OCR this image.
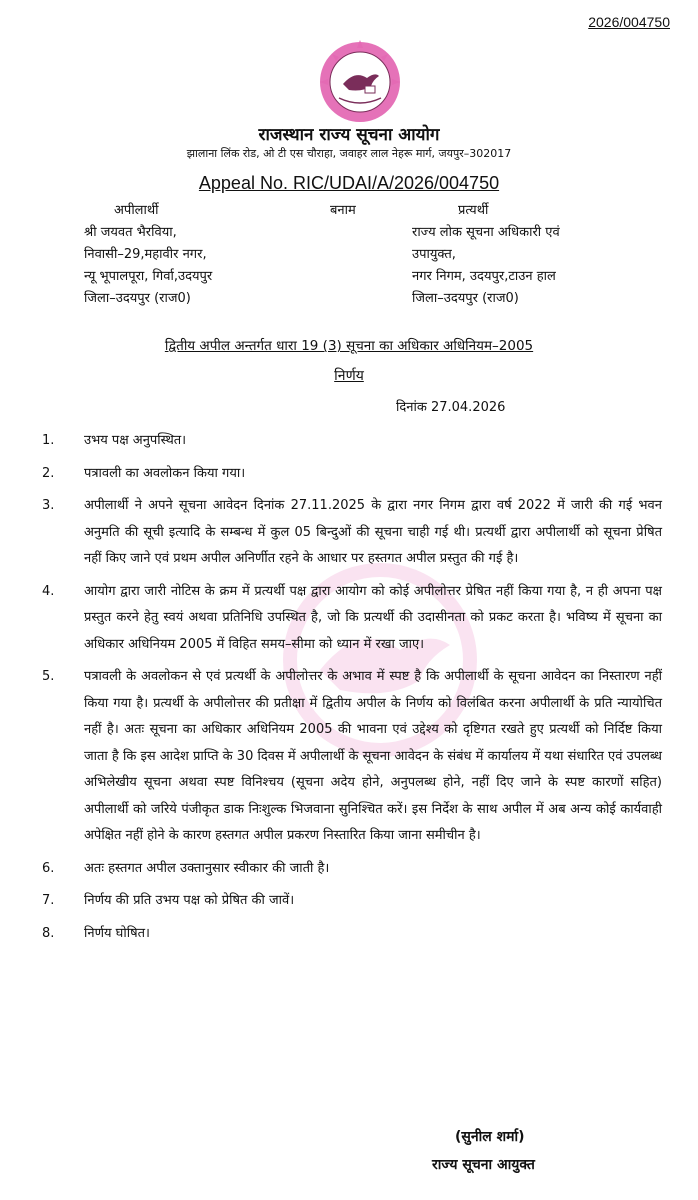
2026/004750
राजस्थान राज्य सूचना आयोग
झालाना लिंक रोड, ओ टी एस चौराहा, जवाहर लाल नेहरू मार्ग, जयपुर–302017
Appeal No. RIC/UDAI/A/2026/004750
अपीलार्थी
श्री जयवत भैरविया,
निवासी–29,महावीर नगर,
न्यू भूपालपूरा, गिर्वा,उदयपुर
जिला–उदयपुर (राज0)
बनाम	प्रत्यर्थी
राज्य लोक सूचना अधिकारी एवं
उपायुक्त,
नगर निगम, उदयपुर,टाउन हाल
जिला–उदयपुर (राज0)
द्वितीय अपील अन्तर्गत धारा 19 (3) सूचना का अधिकार अधिनियम–2005
निर्णय
दिनांक 27.04.2026
1. उभय पक्ष अनुपस्थित।
2. पत्रावली का अवलोकन किया गया।
3. अपीलार्थी ने अपने सूचना आवेदन दिनांक 27.11.2025 के द्वारा नगर निगम द्वारा वर्ष 2022 में जारी की गई भवन अनुमति की सूची इत्यादि के सम्बन्ध में कुल 05 बिन्दुओं की सूचना चाही गई थी। प्रत्यर्थी द्वारा अपीलार्थी को सूचना प्रेषित नहीं किए जाने एवं प्रथम अपील अनिर्णीत रहने के आधार पर हस्तगत अपील प्रस्तुत की गई है।
4. आयोग द्वारा जारी नोटिस के क्रम में प्रत्यर्थी पक्ष द्वारा आयोग को कोई अपीलोत्तर प्रेषित नहीं किया गया है, न ही अपना पक्ष प्रस्तुत करने हेतु स्वयं अथवा प्रतिनिधि उपस्थित है, जो कि प्रत्यर्थी की उदासीनता को प्रकट करता है। भविष्य में सूचना का अधिकार अधिनियम 2005 में विहित समय–सीमा को ध्यान में रखा जाए।
5. पत्रावली के अवलोकन से एवं प्रत्यर्थी के अपीलोत्तर के अभाव में स्पष्ट है कि अपीलार्थी के सूचना आवेदन का निस्तारण नहीं किया गया है। प्रत्यर्थी के अपीलोत्तर की प्रतीक्षा में द्वितीय अपील के निर्णय को विलंबित करना अपीलार्थी के प्रति न्यायोचित नहीं है। अतः सूचना का अधिकार अधिनियम 2005 की भावना एवं उद्देश्य को दृष्टिगत रखते हुए प्रत्यर्थी को निर्दिष्ट किया जाता है कि इस आदेश प्राप्ति के 30 दिवस में अपीलार्थी के सूचना आवेदन के संबंध में कार्यालय में यथा संधारित एवं उपलब्ध अभिलेखीय सूचना अथवा स्पष्ट विनिश्चय (सूचना अदेय होने, अनुपलब्ध होने, नहीं दिए जाने के स्पष्ट कारणों सहित) अपीलार्थी को जरिये पंजीकृत डाक निःशुल्क भिजवाना सुनिश्चित करें। इस निर्देश के साथ अपील में अब अन्य कोई कार्यवाही अपेक्षित नहीं होने के कारण हस्तगत अपील प्रकरण निस्तारित किया जाना समीचीन है।
6. अतः हस्तगत अपील उक्तानुसार स्वीकार की जाती है।
7. निर्णय की प्रति उभय पक्ष को प्रेषित की जावें।
8. निर्णय घोषित।
(सुनील शर्मा)
राज्य सूचना आयुक्त
